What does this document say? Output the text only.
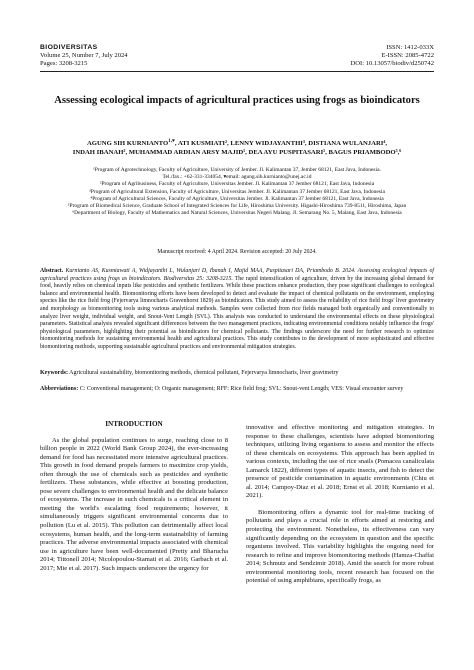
BIODIVERSITAS
Volume 25, Number 7, July 2024
Pages: 3208-3215
ISSN: 1412-033X
E-ISSN: 2085-4722
DOI: 10.13057/biodiv/d250742
Assessing ecological impacts of agricultural practices using frogs as bioindicators
AGUNG SIH $KURNIANTO^{1,♥}$, ATI KUSMIATI², LENNY WIDJAYANTHI³, DISTIANA WULANJARI⁴,
INDAH IBANAH², MUHAMMAD ARDIAN ARSY MAJID¹, DEA AYU PUSPITASARI¹, BAGUS PRIAMBODO⁵,⁶
¹Program of Agrotechnology, Faculty of Agriculture, University of Jember. Jl. Kalimantan 37, Jember 68121, East Java, Indonesia.
Tel./fax.: +62-331-334054, ▾email: agung.sih.kurnianto@unej.ac.id
²Program of Agribusiness, Faculty of Agriculture, Universitas Jember. Jl. Kalimantan 37 Jember 68121, East Java, Indonesia
³Program of Agricultural Extension, Faculty of Agriculture, Universitas Jember. Jl. Kalimantan 37 Jember 68121, East Java, Indonesia
⁴Program of Agricultural Sciences, Faculty of Agriculture, Universitas Jember. Jl. Kalimantan 37 Jember 68121, East Java, Indonesia
⁵Program of Biomedical Science, Graduate School of Integrated Sciences for Life, Hiroshima University. Higashi-Hiroshima 739-8511, Hiroshima, Japan
⁶Department of Biology, Faculty of Mathematics and Natural Sciences, Universitas Negeri Malang. Jl. Semarang No. 5, Malang, East Java, Indonesia
Manuscript received: 4 April 2024. Revision accepted: 20 July 2024.
Abstract. Kurnianto AS, Kusmiawati A, Widjayanthi L, Wulanjari D, Ibanah I, Majid MAA, Puspitasari DA, Priambodo B. 2024. Assessing ecological impacts of agricultural practices using frogs as bioindicators. Biodiversitas 25: 3208-3215. The rapid intensification of agriculture, driven by the increasing global demand for food, heavily relies on chemical inputs like pesticides and synthetic fertilizers. While these practices enhance production, they pose significant challenges to ecological balance and environmental health. Biomonitoring efforts have been developed to detect and evaluate the impact of chemical pollutants on the environment, employing species like the rice field frog (Fejervarya limnocharis Gravenhorst 1829) as bioindicators. This study aimed to assess the reliability of rice field frogs' liver gravimetry and morphology as biomonitoring tools using various analytical methods. Samples were collected from rice fields managed both organically and conventionally to analyze liver weight, individual weight, and Snout-Vent Length (SVL). This analysis was conducted to understand the environmental effects on these physiological parameters. Statistical analysis revealed significant differences between the two management practices, indicating environmental conditions notably influence the frogs' physiological parameters, highlighting their potential as bioindicators for chemical pollutants. The findings underscore the need for further research to optimize biomonitoring methods for sustaining environmental health and agricultural practices. This study contributes to the development of more sophisticated and effective biomonitoring methods, supporting sustainable agricultural practices and environmental mitigation strategies.
Keywords: Agricultural sustainability, biomonitoring methods, chemical pollutant, Fejervarya limnocharis, liver gravimetry
Abbreviations: C: Conventional management; O: Organic management; RFF: Rice field frog; SVL: Snout-vent Length; VES: Visual encounter survey
INTRODUCTION

As the global population continues to surge, reaching close to 8 billion people in 2022 (World Bank Group 2024), the ever-increasing demand for food has necessitated more intensive agricultural practices. This growth in food demand propels farmers to maximize crop yields, often through the use of chemicals such as pesticides and synthetic fertilizers. These substances, while effective at boosting production, pose severe challenges to environmental health and the delicate balance of ecosystems. The increase in such chemicals is a critical element in meeting the world's escalating food requirements; however, it simultaneously triggers significant environmental concerns due to pollution (Lu et al. 2015). This pollution can detrimentally affect local ecosystems, human health, and the long-term sustainability of farming practices. The adverse environmental impacts associated with chemical use in agriculture have been well-documented (Pretty and Bharucha 2014; Tittonell 2014; Nicolopoulou-Stamati et al. 2016; Garbach et al. 2017; Mie et al. 2017). Such impacts underscore the urgency for

innovative and effective monitoring and mitigation strategies. In response to these challenges, scientists have adopted biomonitoring techniques, utilizing living organisms to assess and monitor the effects of these chemicals on ecosystems. This approach has been applied in various contexts, including the use of rice snails (Pomacea canaliculata Lamarck 1822), different types of aquatic insects, and fish to detect the presence of pesticide contamination in aquatic environments (Chiu et al. 2014; Campoy-Diaz et al. 2018; Ernst et al. 2018; Kurnianto et al. 2021).

Biomonitoring offers a dynamic tool for real-time tracking of pollutants and plays a crucial role in efforts aimed at restoring and protecting the environment. Nonetheless, its effectiveness can vary significantly depending on the ecosystem in question and the specific organisms involved. This variability highlights the ongoing need for research to refine and improve biomonitoring methods (Hamza-Chaffai 2014; Schmutz and Sendzimir 2018). Amid the search for more robust environmental monitoring tools, recent research has focused on the potential of using amphibians, specifically frogs, as
